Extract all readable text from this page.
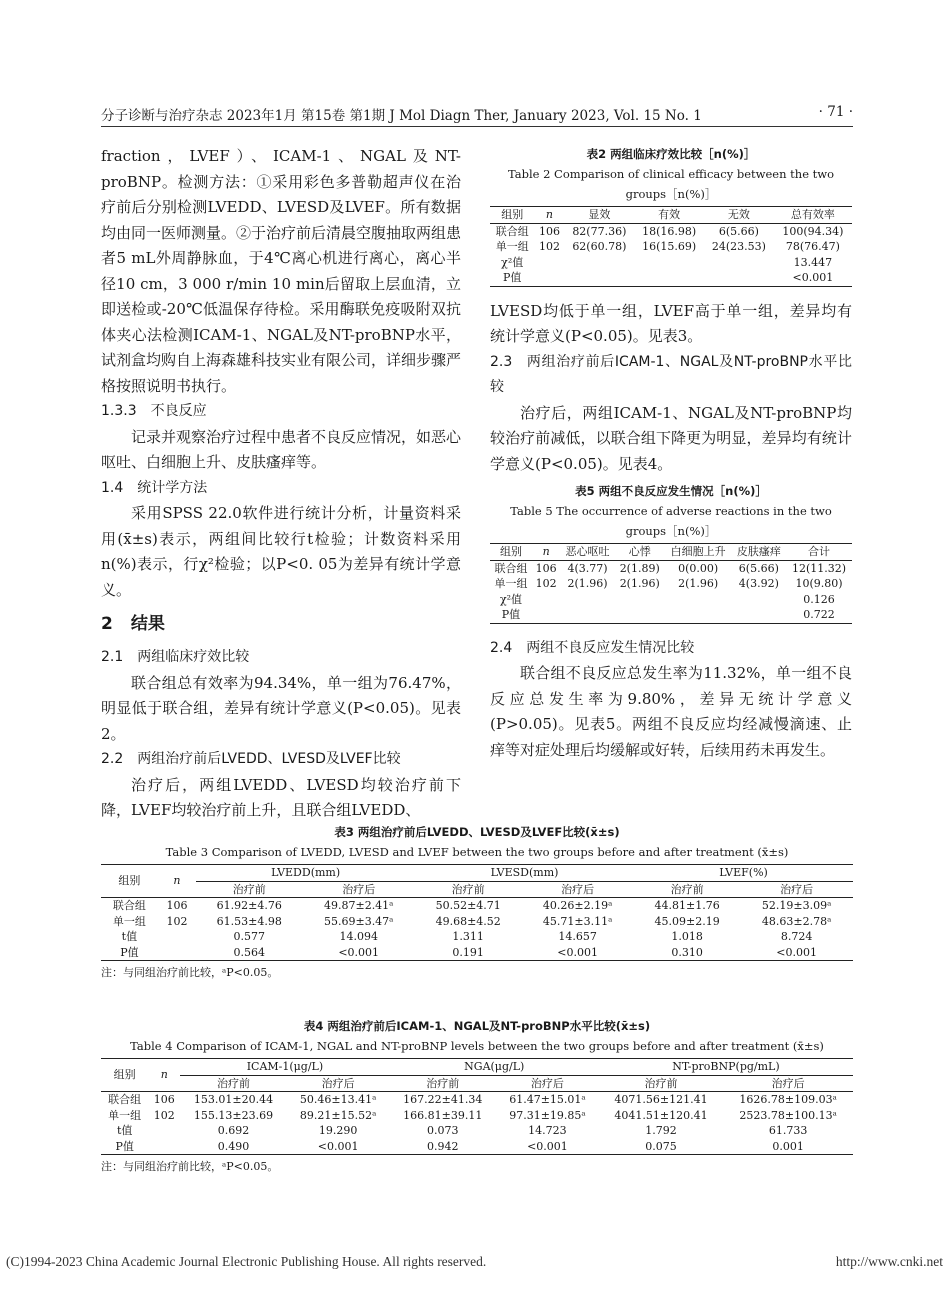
分子诊断与治疗杂志 2023年1月 第15卷 第1期 J Mol Diagn Ther, January 2023, Vol. 15 No. 1	· 71 ·

fraction，LVEF）、ICAM-1、NGAL及NT-proBNP。检测方法：①采用彩色多普勒超声仪在治疗前后分别检测LVEDD、LVESD及LVEF。所有数据均由同一医师测量。②于治疗前后清晨空腹抽取两组患者5 mL外周静脉血，于4℃离心机进行离心，离心半径10 cm，3 000 r/min 10 min后留取上层血清，立即送检或-20℃低温保存待检。采用酶联免疫吸附双抗体夹心法检测ICAM-1、NGAL及NT-proBNP水平，试剂盒均购自上海森雄科技实业有限公司，详细步骤严格按照说明书执行。

1.3.3 不良反应

记录并观察治疗过程中患者不良反应情况，如恶心呕吐、白细胞上升、皮肤瘙痒等。

1.4 统计学方法

采用SPSS 22.0软件进行统计分析，计量资料采用(x̄±s)表示，两组间比较行t检验；计数资料采用n(%)表示，行χ²检验；以P<0. 05为差异有统计学意义。

2 结果

2.1 两组临床疗效比较

联合组总有效率为94.34%，单一组为76.47%，明显低于联合组，差异有统计学意义(P<0.05)。见表2。

2.2 两组治疗前后LVEDD、LVESD及LVEF比较

治疗后，两组LVEDD、LVESD均较治疗前下降，LVEF均较治疗前上升，且联合组LVEDD、

表2 两组临床疗效比较［n(%)］
Table 2 Comparison of clinical efficacy between the two groups［n(%)］
组别	n	显效	有效	无效	总有效率
联合组	106	82(77.36)	18(16.98)	6(5.66)	100(94.34)
单一组	102	62(60.78)	16(15.69)	24(23.53)	78(76.47)
χ²值					13.447
P值					<0.001

LVESD均低于单一组，LVEF高于单一组，差异均有统计学意义(P<0.05)。见表3。

2.3 两组治疗前后ICAM-1、NGAL及NT-proBNP水平比较

治疗后，两组ICAM-1、NGAL及NT-proBNP均较治疗前减低，以联合组下降更为明显，差异均有统计学意义(P<0.05)。见表4。

表5 两组不良反应发生情况［n(%)］
Table 5 The occurrence of adverse reactions in the two groups［n(%)］
组别	n	恶心呕吐	心悸	白细胞上升	皮肤瘙痒	合计
联合组	106	4(3.77)	2(1.89)	0(0.00)	6(5.66)	12(11.32)
单一组	102	2(1.96)	2(1.96)	2(1.96)	4(3.92)	10(9.80)
χ²值						0.126
P值						0.722

2.4 两组不良反应发生情况比较

联合组不良反应总发生率为11.32%，单一组不良反应总发生率为9.80%，差异无统计学意义(P>0.05)。见表5。两组不良反应均经减慢滴速、止痒等对症处理后均缓解或好转，后续用药未再发生。

表3 两组治疗前后LVEDD、LVESD及LVEF比较(x̄±s)
Table 3 Comparison of LVEDD, LVESD and LVEF between the two groups before and after treatment (x̄±s)
组别	n	LVEDD(mm)		LVESD(mm)		LVEF(%)	
		治疗前	治疗后	治疗前	治疗后	治疗前	治疗后
联合组	106	61.92±4.76	49.87±2.41ᵃ	50.52±4.71	40.26±2.19ᵃ	44.81±1.76	52.19±3.09ᵃ
单一组	102	61.53±4.98	55.69±3.47ᵃ	49.68±4.52	45.71±3.11ᵃ	45.09±2.19	48.63±2.78ᵃ
t值		0.577	14.094	1.311	14.657	1.018	8.724
P值		0.564	<0.001	0.191	<0.001	0.310	<0.001
注：与同组治疗前比较，ᵃP<0.05。
表4 两组治疗前后ICAM-1、NGAL及NT-proBNP水平比较(x̄±s)
Table 4 Comparison of ICAM-1, NGAL and NT-proBNP levels between the two groups before and after treatment (x̄±s)
组别	n	ICAM-1(μg/L)		NGA(μg/L)		NT-proBNP(pg/mL)	
		治疗前	治疗后	治疗前	治疗后	治疗前	治疗后
联合组	106	153.01±20.44	50.46±13.41ᵃ	167.22±41.34	61.47±15.01ᵃ	4071.56±121.41	1626.78±109.03ᵃ
单一组	102	155.13±23.69	89.21±15.52ᵃ	166.81±39.11	97.31±19.85ᵃ	4041.51±120.41	2523.78±100.13ᵃ
t值		0.692	19.290	0.073	14.723	1.792	61.733
P值		0.490	<0.001	0.942	<0.001	0.075	0.001
注：与同组治疗前比较，ᵃP<0.05。
(C)1994-2023 China Academic Journal Electronic Publishing House. All rights reserved.	http://www.cnki.net
